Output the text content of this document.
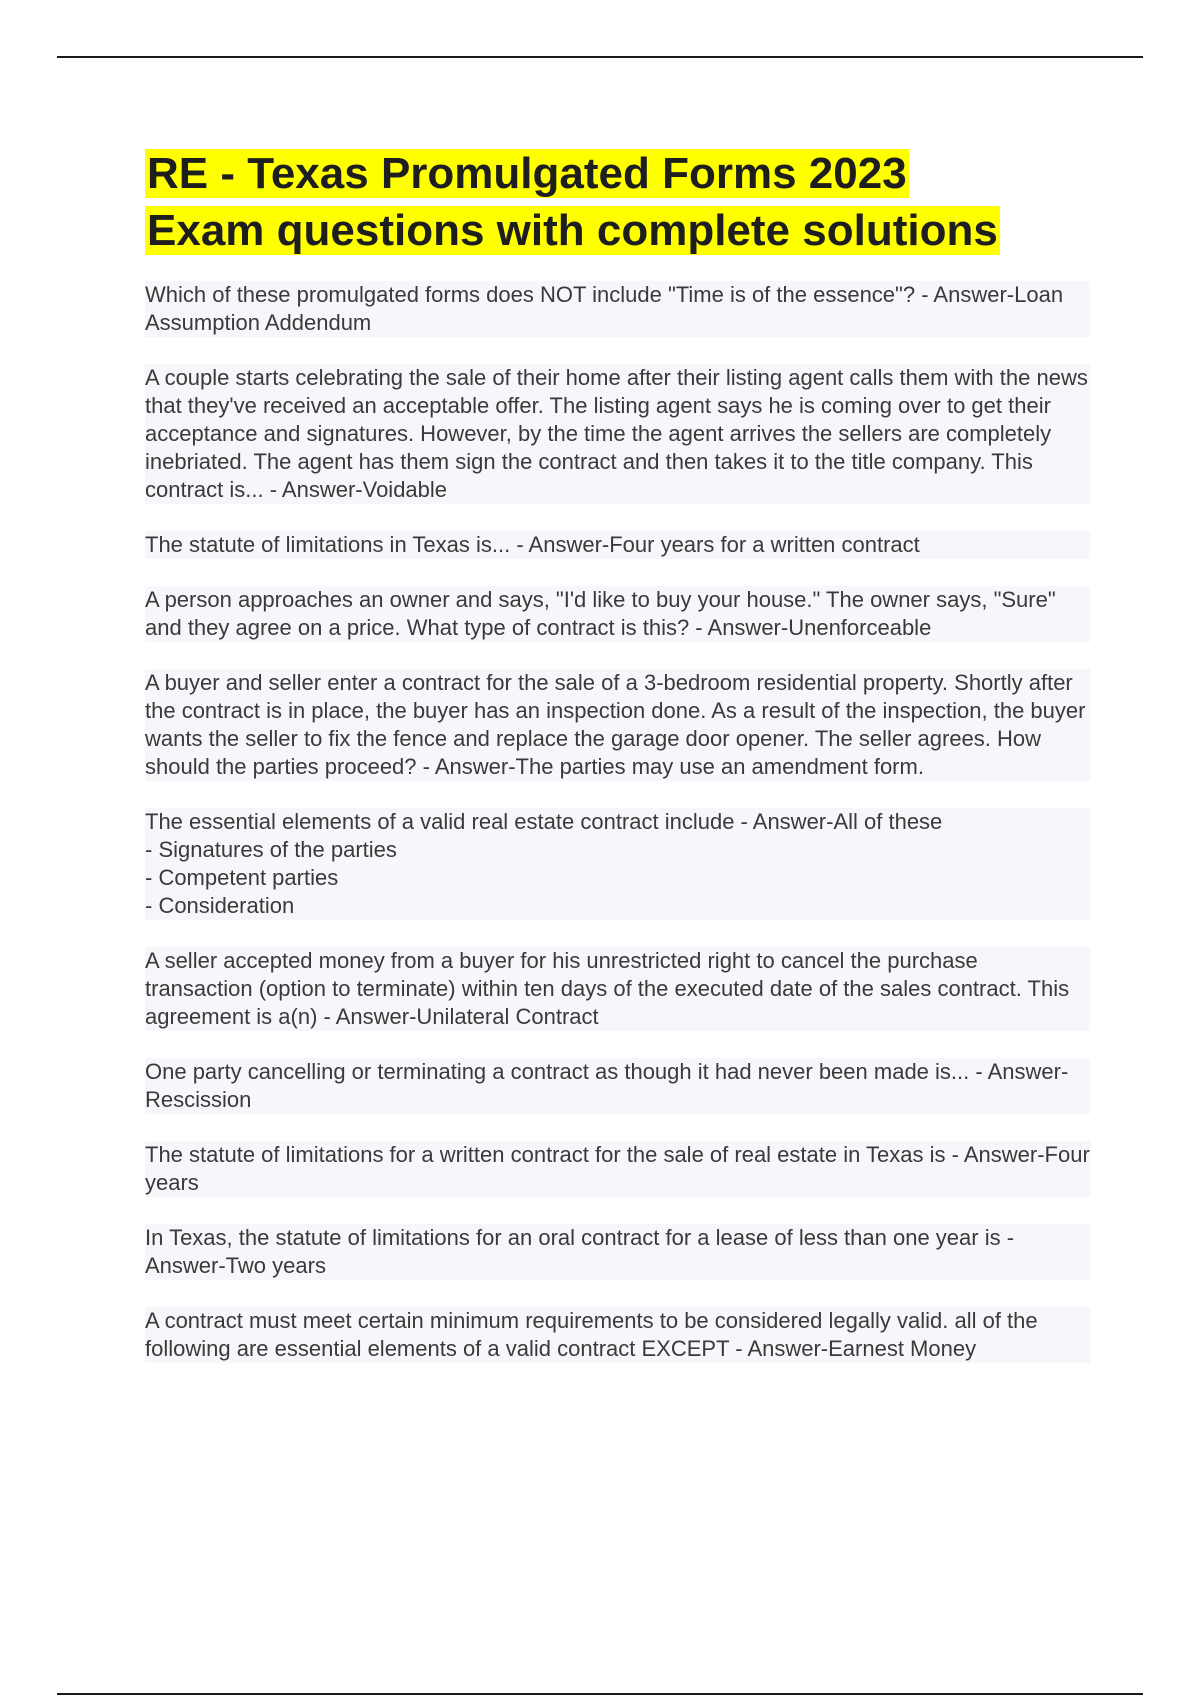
RE - Texas Promulgated Forms 2023
Exam questions with complete solutions

Which of these promulgated forms does NOT include "Time is of the essence"? - Answer-Loan Assumption Addendum

A couple starts celebrating the sale of their home after their listing agent calls them with the news that they've received an acceptable offer. The listing agent says he is coming over to get their acceptance and signatures. However, by the time the agent arrives the sellers are completely inebriated. The agent has them sign the contract and then takes it to the title company. This contract is... - Answer-Voidable

The statute of limitations in Texas is... - Answer-Four years for a written contract

A person approaches an owner and says, "I'd like to buy your house." The owner says, "Sure" and they agree on a price. What type of contract is this? - Answer-Unenforceable

A buyer and seller enter a contract for the sale of a 3-bedroom residential property. Shortly after the contract is in place, the buyer has an inspection done. As a result of the inspection, the buyer wants the seller to fix the fence and replace the garage door opener. The seller agrees. How should the parties proceed? - Answer-The parties may use an amendment form.

The essential elements of a valid real estate contract include - Answer-All of these
- Signatures of the parties
- Competent parties
- Consideration

A seller accepted money from a buyer for his unrestricted right to cancel the purchase transaction (option to terminate) within ten days of the executed date of the sales contract. This agreement is a(n) - Answer-Unilateral Contract

One party cancelling or terminating a contract as though it had never been made is... - Answer-Rescission

The statute of limitations for a written contract for the sale of real estate in Texas is - Answer-Four years

In Texas, the statute of limitations for an oral contract for a lease of less than one year is - Answer-Two years

A contract must meet certain minimum requirements to be considered legally valid. all of the following are essential elements of a valid contract EXCEPT - Answer-Earnest Money
